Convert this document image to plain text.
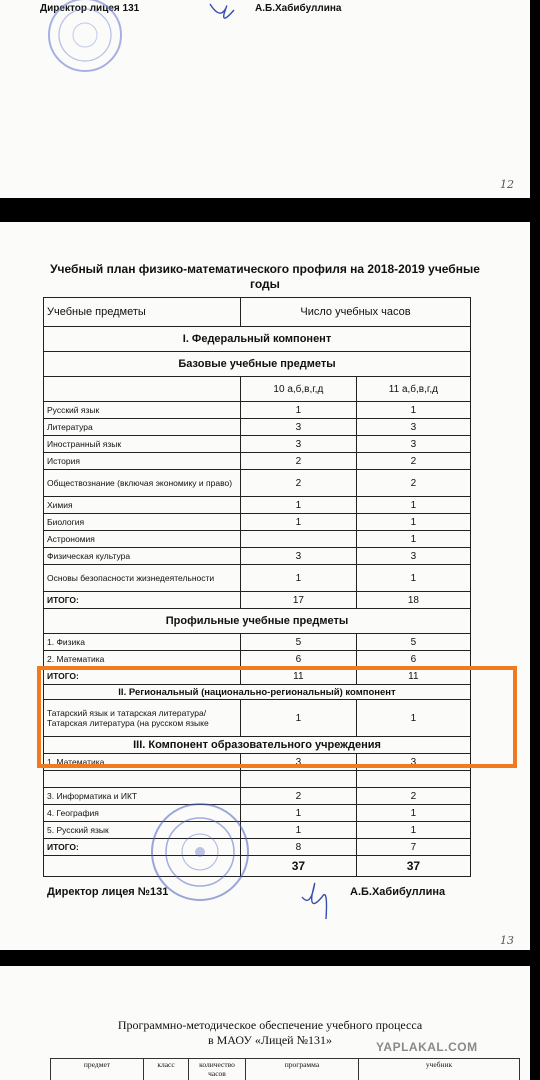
Директор лицея 131	А.Б.Хабибуллина
12
Учебный план физико-математического профиля на 2018-2019 учебные годы
Учебные предметы	Число учебных часов	
I. Федеральный компонент		
Базовые учебные предметы		
	10 а,б,в,г,д	11 а,б,в,г,д
Русский язык	1	1
Литература	3	3
Иностранный язык	3	3
История	2	2
Обществознание (включая экономику и право)	2	2
Химия	1	1
Биология	1	1
Астрономия		1
Физическая культура	3	3
Основы безопасности жизнедеятельности	1	1
ИТОГО:	17	18
Профильные учебные предметы		
1. Физика	5	5
2. Математика	6	6
ИТОГО:	11	11
II. Региональный (национально-региональный) компонент		
Татарский язык и татарская литература/Татарская литература (на русском языке	1	1
III. Компонент образовательного учреждения		
1. Математика	3	3

3. Информатика и ИКТ	2	2
4. География	1	1
5. Русский язык	1	1
ИТОГО:	8	7
	37	37
Директор лицея №131	А.Б.Хабибуллина
13
Программно-методическое обеспечение учебного процесса
в МАОУ «Лицей №131»
предмет	класс	количество часов	программа	учебник
YAPLAKAL.COM
